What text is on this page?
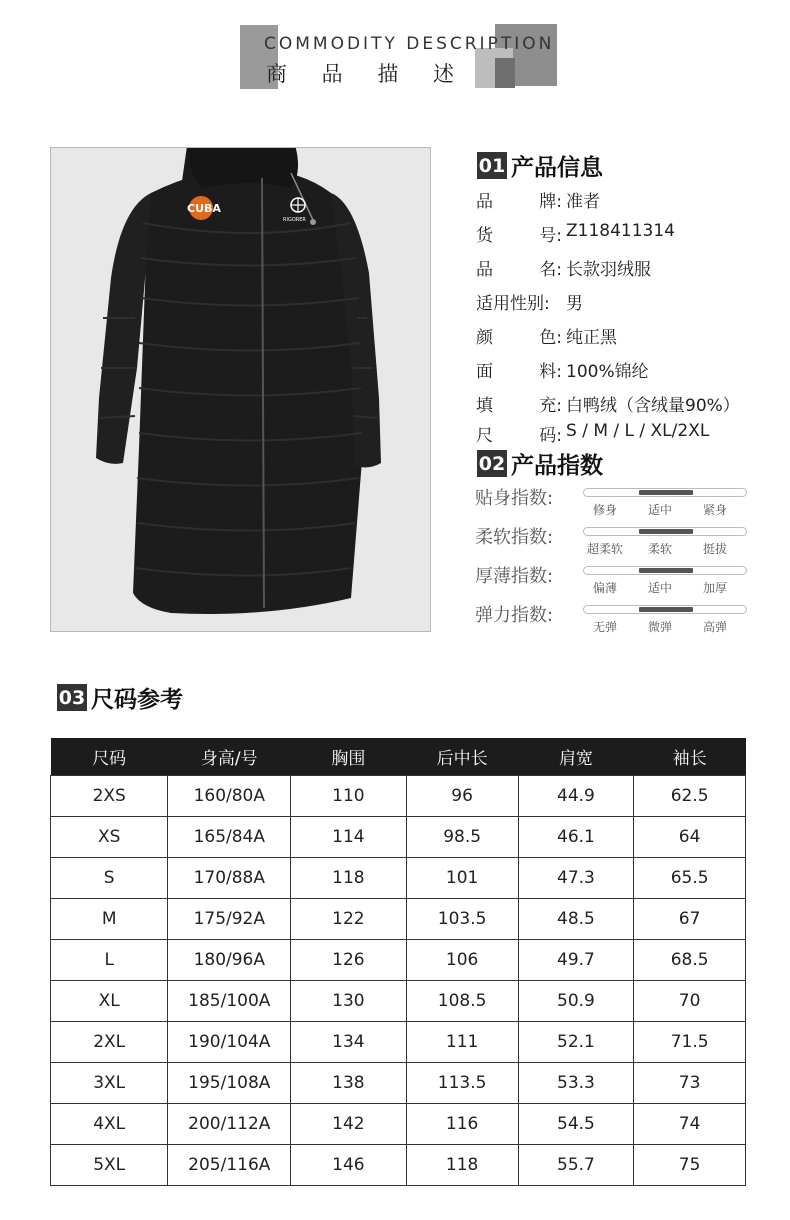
COMMODITY DESCRIPTION
商 品 描 述
CUBA
RIGORER
01 产品信息
品	牌: 准者
货	号: Z118411314
品	名: 长款羽绒服
适用性别: 男
颜	色: 纯正黑
面	料: 100%锦纶
填	充: 白鸭绒（含绒量90%）
尺	码: S / M / L / XL/2XL
02 产品指数
贴身指数:
修身	适中	紧身
柔软指数:
超柔软	柔软	挺拔
厚薄指数:
偏薄	适中	加厚
弹力指数:
无弹	微弹	高弹
03 尺码参考
尺码	身高/号	胸围	后中长	肩宽	袖长
2XS	160/80A	110	96	44.9	62.5
XS	165/84A	114	98.5	46.1	64
S	170/88A	118	101	47.3	65.5
M	175/92A	122	103.5	48.5	67
L	180/96A	126	106	49.7	68.5
XL	185/100A	130	108.5	50.9	70
2XL	190/104A	134	111	52.1	71.5
3XL	195/108A	138	113.5	53.3	73
4XL	200/112A	142	116	54.5	74
5XL	205/116A	146	118	55.7	75
